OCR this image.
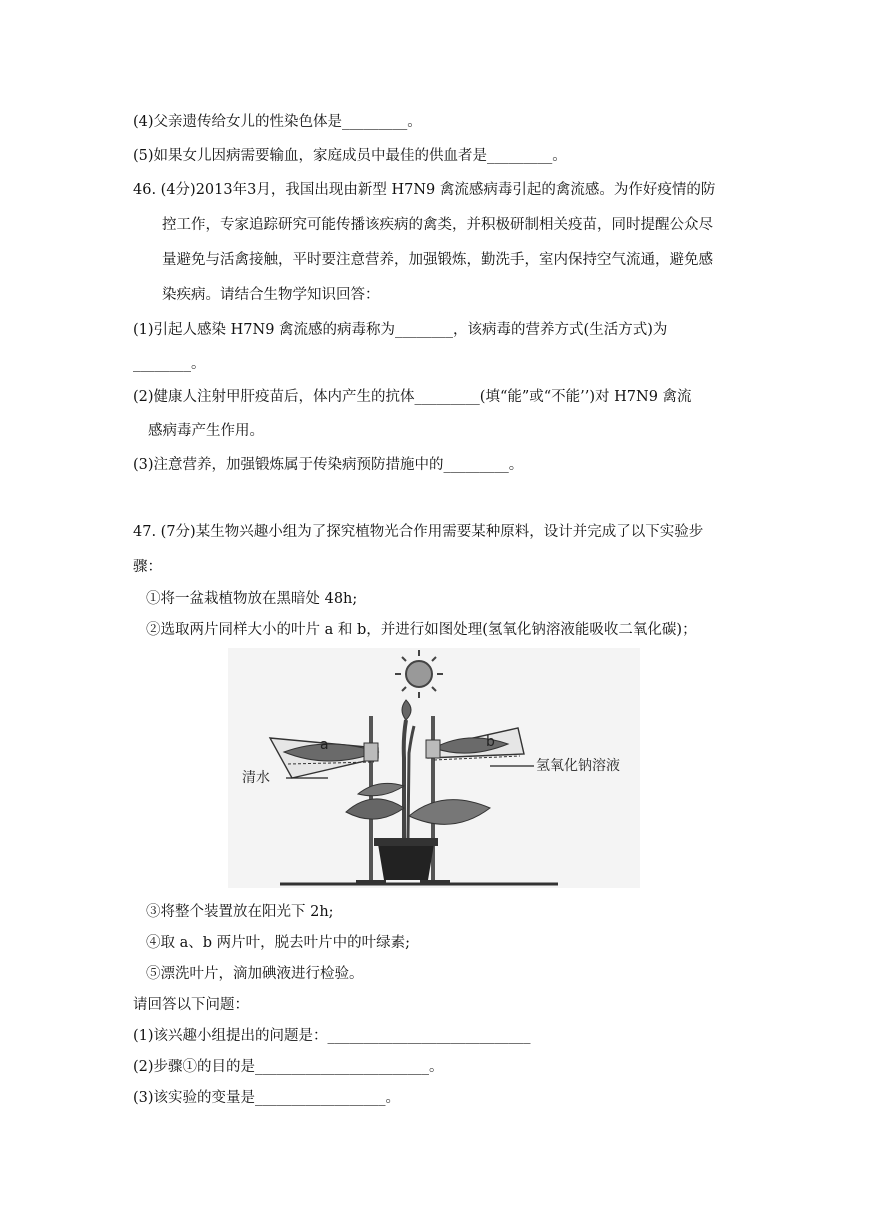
(4)父亲遗传给女儿的性染色体是_________。
(5)如果女儿因病需要输血，家庭成员中最佳的供血者是_________。
46. (4分)2013年3月，我国出现由新型 H7N9 禽流感病毒引起的禽流感。为作好疫情的防
控工作，专家追踪研究可能传播该疾病的禽类，并积极研制相关疫苗，同时提醒公众尽
量避免与活禽接触，平时要注意营养，加强锻炼，勤洗手，室内保持空气流通，避免感
染疾病。请结合生物学知识回答：
(1)引起人感染 H7N9 禽流感的病毒称为________，该病毒的营养方式(生活方式)为
________。
(2)健康人注射甲肝疫苗后，体内产生的抗体_________(填“能”或“不能’’)对 H7N9 禽流
感病毒产生作用。
(3)注意营养，加强锻炼属于传染病预防措施中的_________。
47. (7分)某生物兴趣小组为了探究植物光合作用需要某种原料，设计并完成了以下实验步
骤：
①将一盆栽植物放在黑暗处 48h;
②选取两片同样大小的叶片 a 和 b，并进行如图处理(氢氧化钠溶液能吸收二氧化碳)；
清水
氢氧化钠溶液
a	b
③将整个装置放在阳光下 2h;
④取 a、b 两片叶，脱去叶片中的叶绿素;
⑤漂洗叶片，滴加碘液进行检验。
请回答以下问题：
(1)该兴趣小组提出的问题是：____________________________
(2)步骤①的目的是________________________。
(3)该实验的变量是__________________。
